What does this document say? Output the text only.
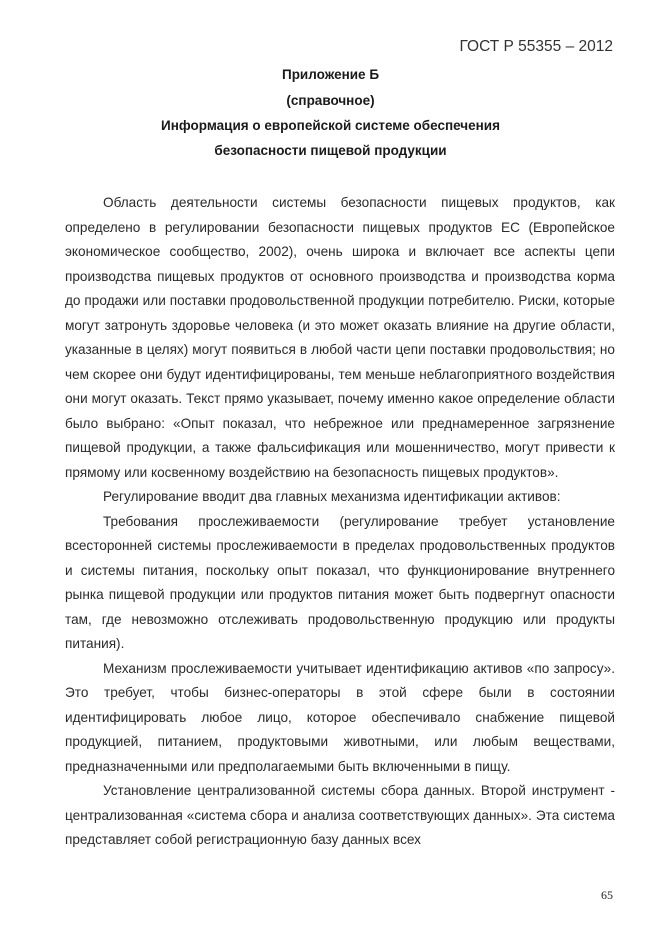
ГОСТ Р 55355 – 2012
Приложение Б
(справочное)
Информация о европейской системе обеспечения
безопасности пищевой продукции

Область деятельности системы безопасности пищевых продуктов, как определено в регулировании безопасности пищевых продуктов ЕС (Европейское экономическое сообщество, 2002), очень широка и включает все аспекты цепи производства пищевых продуктов от основного производства и производства корма до продажи или поставки продовольственной продукции потребителю. Риски, которые могут затронуть здоровье человека (и это может оказать влияние на другие области, указанные в целях) могут появиться в любой части цепи поставки продовольствия; но чем скорее они будут идентифицированы, тем меньше неблагоприятного воздействия они могут оказать. Текст прямо указывает, почему именно какое определение области было выбрано: «Опыт показал, что небрежное или преднамеренное загрязнение пищевой продукции, а также фальсификация или мошенничество, могут привести к прямому или косвенному воздействию на безопасность пищевых продуктов».

Регулирование вводит два главных механизма идентификации активов:

Требования прослеживаемости (регулирование требует установление всесторонней системы прослеживаемости в пределах продовольственных продуктов и системы питания, поскольку опыт показал, что функционирование внутреннего рынка пищевой продукции или продуктов питания может быть подвергнут опасности там, где невозможно отслеживать продовольственную продукцию или продукты питания).

Механизм прослеживаемости учитывает идентификацию активов «по запросу». Это требует, чтобы бизнес-операторы в этой сфере были в состоянии идентифицировать любое лицо, которое обеспечивало снабжение пищевой продукцией, питанием, продуктовыми животными, или любым веществами, предназначенными или предполагаемыми быть включенными в пищу.

Установление централизованной системы сбора данных. Второй инструмент - централизованная «система сбора и анализа соответствующих данных». Эта система представляет собой регистрационную базу данных всех

65
